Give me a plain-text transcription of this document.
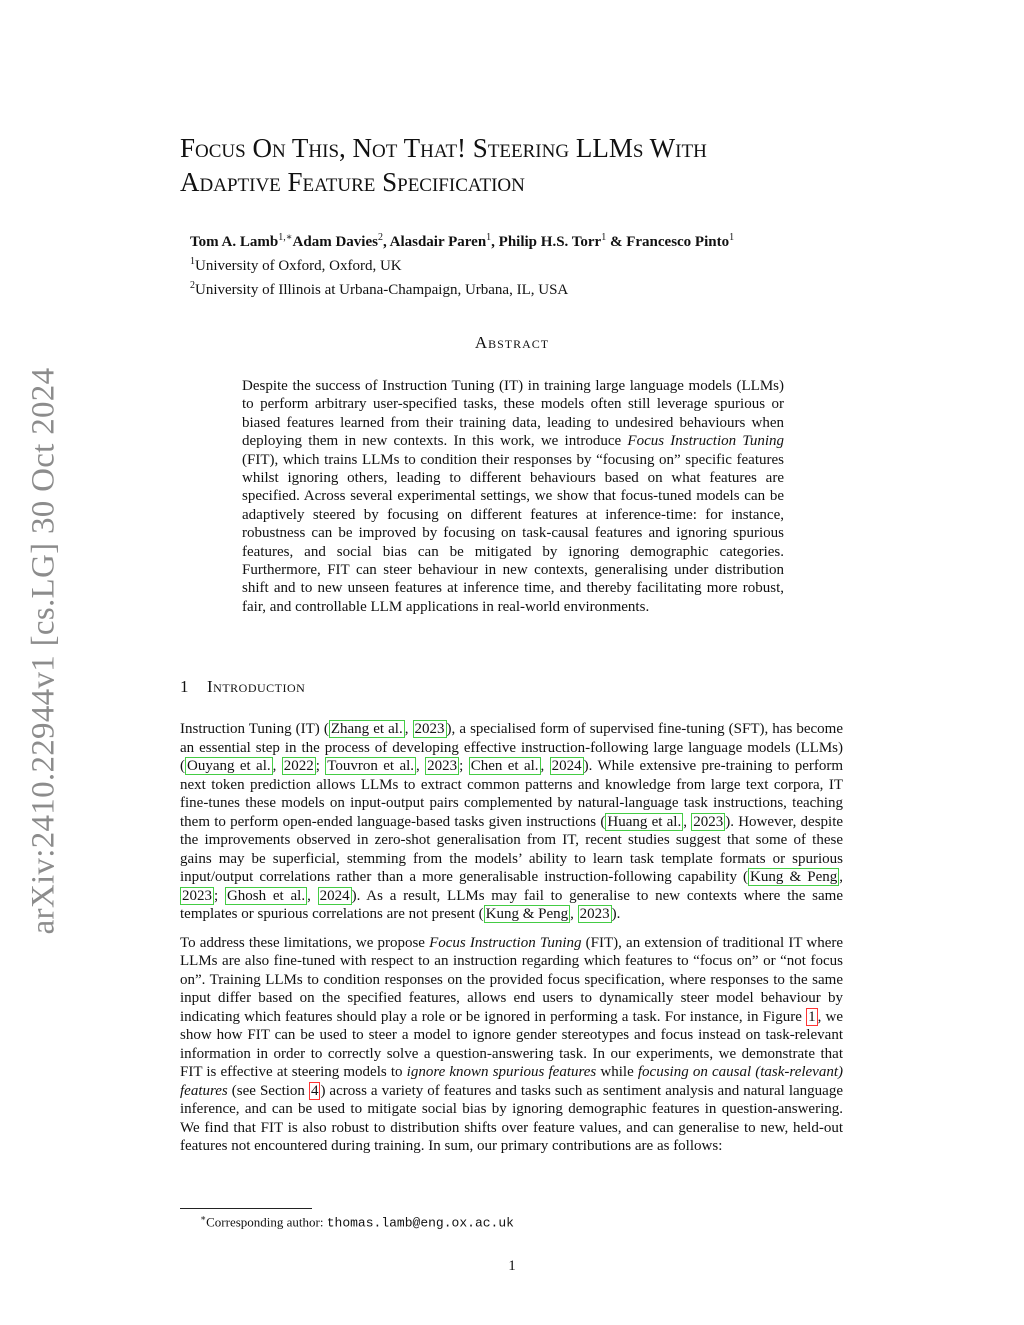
arXiv:2410.22944v1 [cs.LG] 30 Oct 2024
Focus On This, Not That! Steering LLMs With
Adaptive Feature Specification
Tom A. Lamb$^{1,∗}$Adam Davies$^2$, Alasdair Paren$^1$, Philip H.S. Torr$^1$ & Francesco Pinto$^1$
$^1$University of Oxford, Oxford, UK
$^2$University of Illinois at Urbana-Champaign, Urbana, IL, USA
Abstract
Despite the success of Instruction Tuning (IT) in training large language models (LLMs) to perform arbitrary user-specified tasks, these models often still leverage spurious or biased features learned from their training data, leading to undesired behaviours when deploying them in new contexts. In this work, we introduce Focus Instruction Tuning (FIT), which trains LLMs to condition their responses by “focusing on” specific features whilst ignoring others, leading to different behaviours based on what features are specified. Across several experimental settings, we show that focus-tuned models can be adaptively steered by focusing on different features at inference-time: for instance, robustness can be improved by focusing on task-causal features and ignoring spurious features, and social bias can be mitigated by ignoring demographic categories. Furthermore, FIT can steer behaviour in new contexts, generalising under distribution shift and to new unseen features at inference time, and thereby facilitating more robust, fair, and controllable LLM applications in real-world environments.
1 Introduction

Instruction Tuning (IT) ( Zhang et al. , 2023 ), a specialised form of supervised fine-tuning (SFT), has become an essential step in the process of developing effective instruction-following large language models (LLMs) ( Ouyang et al. , 2022 ; Touvron et al. , 2023 ; Chen et al. , 2024 ). While extensive pre-training to perform next token prediction allows LLMs to extract common patterns and knowledge from large text corpora, IT fine-tunes these models on input-output pairs complemented by natural-language task instructions, teaching them to perform open-ended language-based tasks given instructions ( Huang et al. , 2023 ). However, despite the improvements observed in zero-shot generalisation from IT, recent studies suggest that some of these gains may be superficial, stemming from the models’ ability to learn task template formats or spurious input/output correlations rather than a more generalisable instruction-following capability ( Kung & Peng , 2023 ; Ghosh et al. , 2024 ). As a result, LLMs may fail to generalise to new contexts where the same templates or spurious correlations are not present ( Kung & Peng , 2023 ).

To address these limitations, we propose Focus Instruction Tuning (FIT), an extension of traditional IT where LLMs are also fine-tuned with respect to an instruction regarding which features to “focus on” or “not focus on”. Training LLMs to condition responses on the provided focus specification, where responses to the same input differ based on the specified features, allows end users to dynamically steer model behaviour by indicating which features should play a role or be ignored in performing a task. For instance, in Figure 1 , we show how FIT can be used to steer a model to ignore gender stereotypes and focus instead on task-relevant information in order to correctly solve a question-answering task. In our experiments, we demonstrate that FIT is effective at steering models to ignore known spurious features while focusing on causal (task-relevant) features (see Section 4 ) across a variety of features and tasks such as sentiment analysis and natural language inference, and can be used to mitigate social bias by ignoring demographic features in question-answering. We find that FIT is also robust to distribution shifts over feature values, and can generalise to new, held-out features not encountered during training. In sum, our primary contributions are as follows:

∗Corresponding author: thomas.lamb@eng.ox.ac.uk
1
